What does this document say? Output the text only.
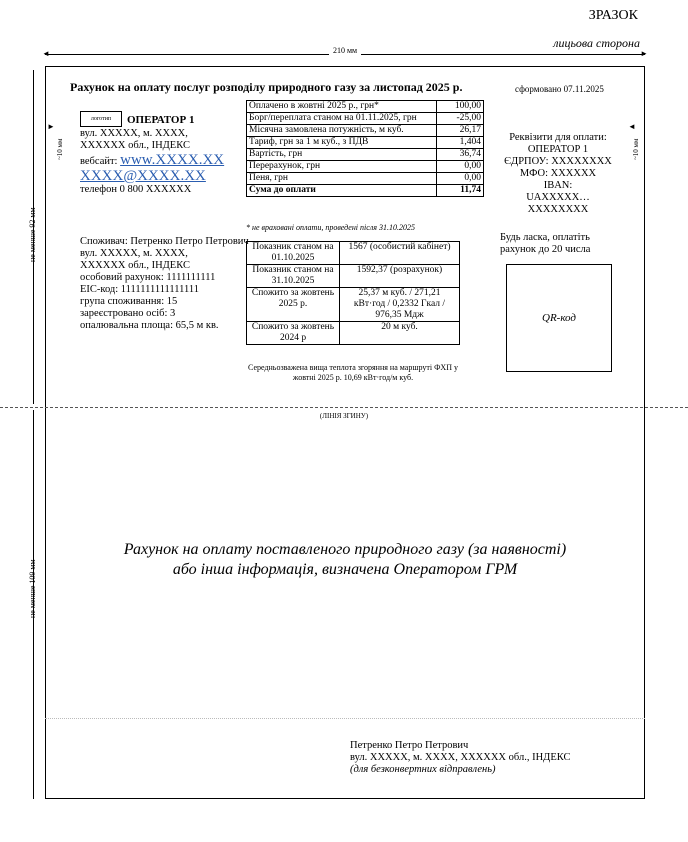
ЗРАЗОК
лицьова сторона
210 мм
◄	►
не менше 92 мм
не менше 109 мм
~10 мм	~10 мм
►	◄
Рахунок на оплату послуг розподілу природного газу за листопад 2025 р.	сформовано 07.11.2025
логотип	ОПЕРАТОР 1
вул. ХХХХХ, м. ХХХХ,
ХХХХХХ обл., ІНДЕКС
вебсайт: www.XXXX.XX
XXXX@XXXX.XX
телефон 0 800 ХХХХХХ
Оплачено в жовтні 2025 р., грн*	100,00
Борг/переплата станом на 01.11.2025, грн	-25,00
Місячна замовлена потужність, м куб.	26,17
Тариф, грн за 1 м куб., з ПДВ	1,404
Вартість, грн	36,74
Перерахунок, грн	0,00
Пеня, грн	0,00
Сума до оплати	11,74
* не враховані оплати, проведені після 31.10.2025
Показник станом на 01.10.2025	1567 (особистий кабінет)
Показник станом на 31.10.2025	1592,37 (розрахунок)
Спожито за жовтень 2025 р.	25,37 м куб. / 271,21 кВт·год / 0,2332 Гкал / 976,35 Мдж
Спожито за жовтень 2024 р	20 м куб.
Середньозважена вища теплота згоряння на маршруті ФХП у жовтні 2025 р. 10,69 кВт·год/м куб.
Споживач: Петренко Петро Петрович
вул. ХХХХХ, м. ХХХХ,
ХХХХХХ обл., ІНДЕКС
особовий рахунок: 1111111111
ЕІС-код: 1111111111111111
група споживання: 15
зареєстровано осіб: 3
опалювальна площа: 65,5 м кв.
Реквізити для оплати:
ОПЕРАТОР 1
ЄДРПОУ: ХХХХХХХХ
МФО: ХХХХХХ
IBAN:
UAXXXXX…XXXXXXXX
Будь ласка, оплатіть рахунок до 20 числа
QR-код
(ЛІНІЯ ЗГИНУ)
Рахунок на оплату поставленого природного газу (за наявності)
або інша інформація, визначена Оператором ГРМ
Петренко Петро Петрович
вул. ХХХХХ, м. ХХХХ, ХХХХХХ обл., ІНДЕКС
(для безконвертних відправлень)
